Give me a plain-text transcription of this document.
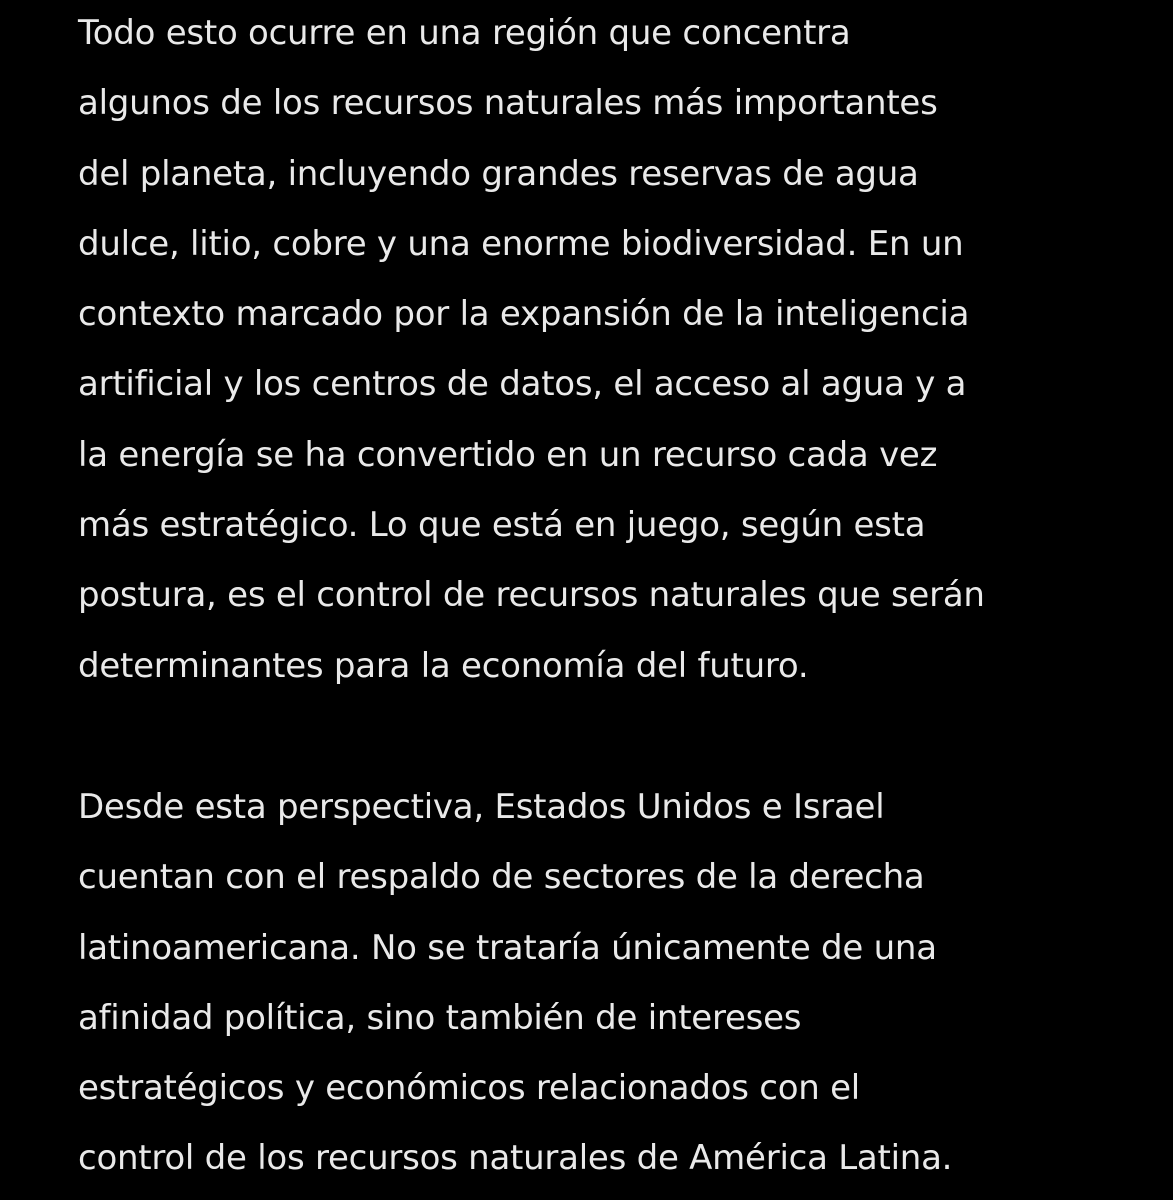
Todo esto ocurre en una región que concentra
algunos de los recursos naturales más importantes
del planeta, incluyendo grandes reservas de agua
dulce, litio, cobre y una enorme biodiversidad. En un
contexto marcado por la expansión de la inteligencia
artificial y los centros de datos, el acceso al agua y a
la energía se ha convertido en un recurso cada vez
más estratégico. Lo que está en juego, según esta
postura, es el control de recursos naturales que serán
determinantes para la economía del futuro.

Desde esta perspectiva, Estados Unidos e Israel
cuentan con el respaldo de sectores de la derecha
latinoamericana. No se trataría únicamente de una
afinidad política, sino también de intereses
estratégicos y económicos relacionados con el
control de los recursos naturales de América Latina.
